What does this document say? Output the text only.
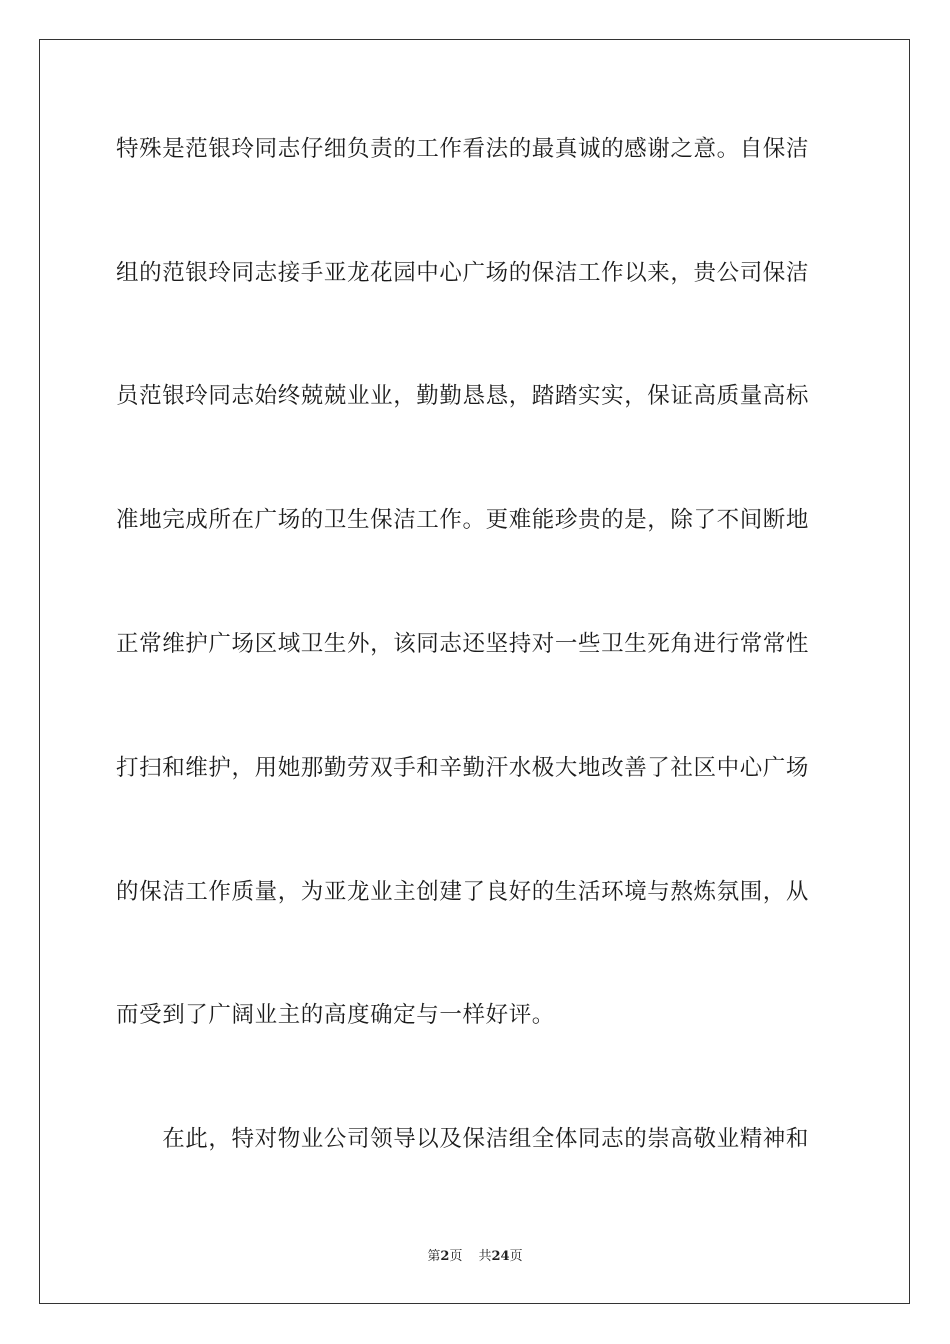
特殊是范银玲同志仔细负责的工作看法的最真诚的感谢之意。自保洁

组的范银玲同志接手亚龙花园中心广场的保洁工作以来，贵公司保洁

员范银玲同志始终兢兢业业，勤勤恳恳，踏踏实实，保证高质量高标

准地完成所在广场的卫生保洁工作。更难能珍贵的是，除了不间断地

正常维护广场区域卫生外，该同志还坚持对一些卫生死角进行常常性

打扫和维护，用她那勤劳双手和辛勤汗水极大地改善了社区中心广场

的保洁工作质量，为亚龙业主创建了良好的生活环境与熬炼氛围，从

而受到了广阔业主的高度确定与一样好评。

　　在此，特对物业公司领导以及保洁组全体同志的崇高敬业精神和

第2页 共24页
